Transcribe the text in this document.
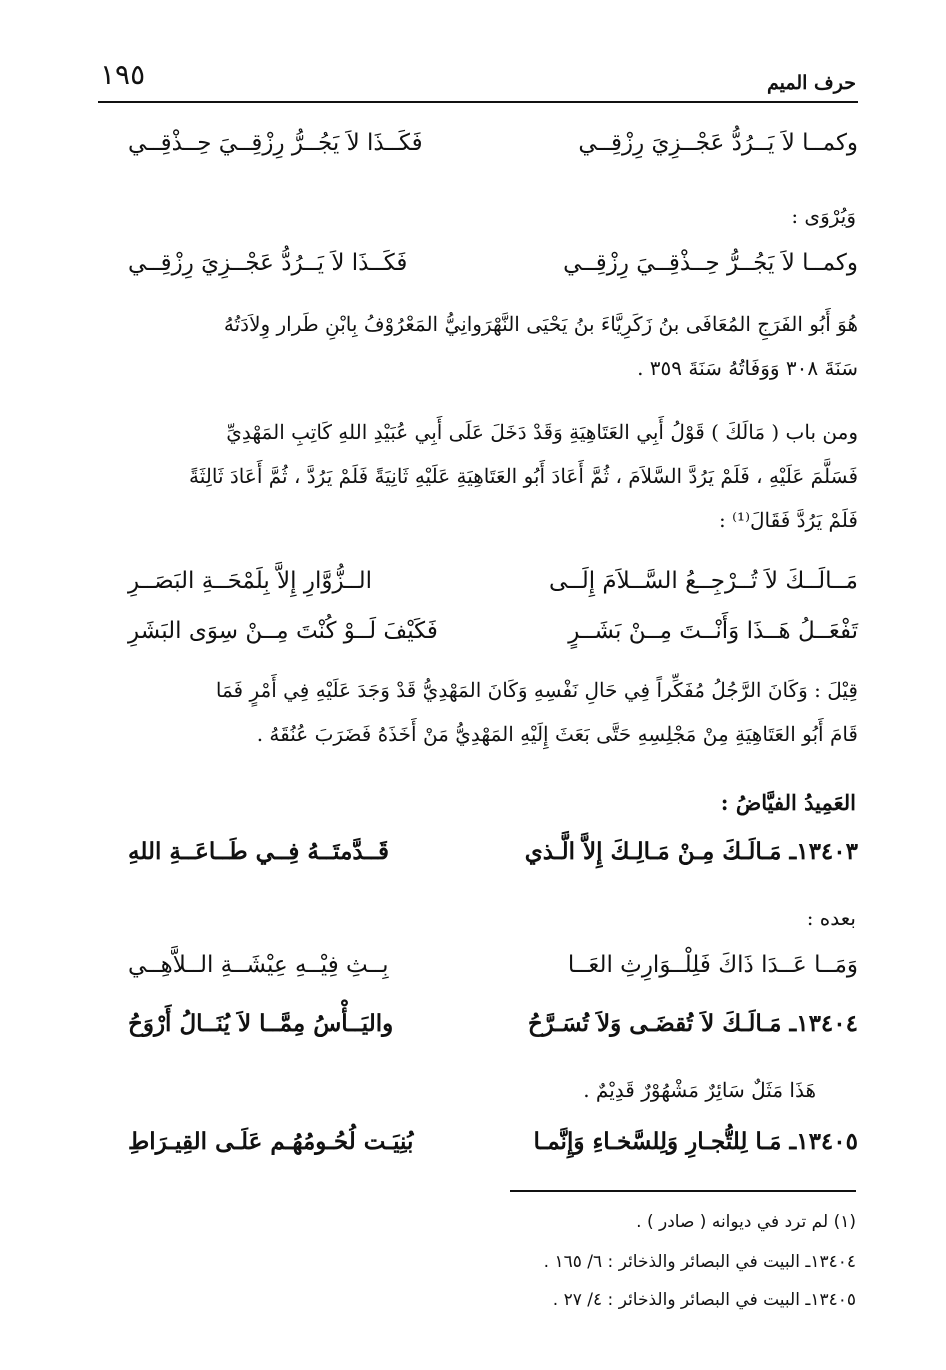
١٩٥	حرف الميم
وكمــا لاَ يَــرُدُّ عَجْــزِيَ رِزْقِــي
فَكَــذَا لاَ يَجُــرُّ رِزْقِــيَ حِــذْقِــي
وَيُرْوَى :
وكمــا لاَ يَجُــرُّ حِــذْقِــيَ رِزْقِــي
فَكَــذَا لاَ يَــرُدُّ عَجْــزِيَ رِزْقِــي
هُوَ أَبُو الفَرَجِ المُعَافَى بنُ زَكَرِيَّاءَ بنُ يَحْيَى النَّهْرَوانِيُّ المَعْرُوْفُ بِابْنِ طَرار وِلاَدَتُهُ
سَنَةَ ٣٠٨ وَوَفَاتُهُ سَنَةَ ٣٥٩ .
ومن باب ( مَالَكَ ) قَوْلُ أَبِي العَتَاهِيَةِ وَقَدْ دَخَلَ عَلَى أَبِي عُبَيْدِ اللهِ كَاتِبِ المَهْدِيِّ
فَسَلَّمَ عَلَيْهِ ، فَلَمْ يَرُدَّ السَّلاَمَ ، ثُمَّ أَعَادَ أَبُو العَتَاهِيَةِ عَلَيْهِ ثَانِيَةً فَلَمْ يَرُدَّ ، ثُمَّ أَعَادَ ثَالِثَةً
فَلَمْ يَرُدَّ فَقَالَ⁽¹⁾ :
مَــالَــكَ لاَ تُــرْجِــعُ السَّــلاَمَ إِلَــى
الــزُّوَّارِ إِلاَّ بِلَمْحَــةِ البَصَــرِ
تَفْعَــلُ هَــذَا وَأَنْــتَ مِــنْ بَشَــرٍ
فَكَيْفَ لَــوْ كُنْتَ مِــنْ سِوَى البَشَرِ
قِيْلَ : وَكَانَ الرَّجُلُ مُفَكِّراً فِي حَالِ نَفْسِهِ وَكَانَ المَهْدِيُّ قَدْ وَجَدَ عَلَيْهِ فِي أَمْرٍ فَمَا
قَامَ أَبُو العَتَاهِيَةِ مِنْ مَجْلِسِهِ حَتَّى بَعَثَ إِلَيْهِ المَهْدِيُّ مَنْ أَخَذَهُ فَضَرَبَ عُنُقَهُ .
العَمِيدُ الفيَّاضُ :
١٣٤٠٣ـ مَـالَـكَ مِـنْ مَـالِـكَ إِلاَّ الَّـذي
قَــدَّمتَــهُ فِــي طَــاعَــةِ اللهِ
بعده :
وَمَــا عَــدَا ذَاكَ فَلِلْــوَارِثِ العَــا
بِــثِ فِيْــهِ عِيْشَــةِ الــلاَّهِــي
١٣٤٠٤ـ مَـالَـكَ لاَ تُقضَـى وَلاَ تُسَـرَّحُ
واليَــأْسُ مِمَّــا لاَ يُنَــالُ أَرْوَحُ
هَذَا مَثَلٌ سَائِرٌ مَشْهُوْرٌ قَدِيْمٌ .
١٣٤٠٥ـ مَـا لِلتُّجـارِ وَلِلسَّخـاءِ وَإِنَّمـا
بُنِيَـت لُحُـومُهُـم عَلَـى القِيـرَاطِ
(١) لم ترد في ديوانه ( صادر ) .
١٣٤٠٤ـ البيت في البصائر والذخائر : ٦/ ١٦٥ .
١٣٤٠٥ـ البيت في البصائر والذخائر : ٤/ ٢٧ .
